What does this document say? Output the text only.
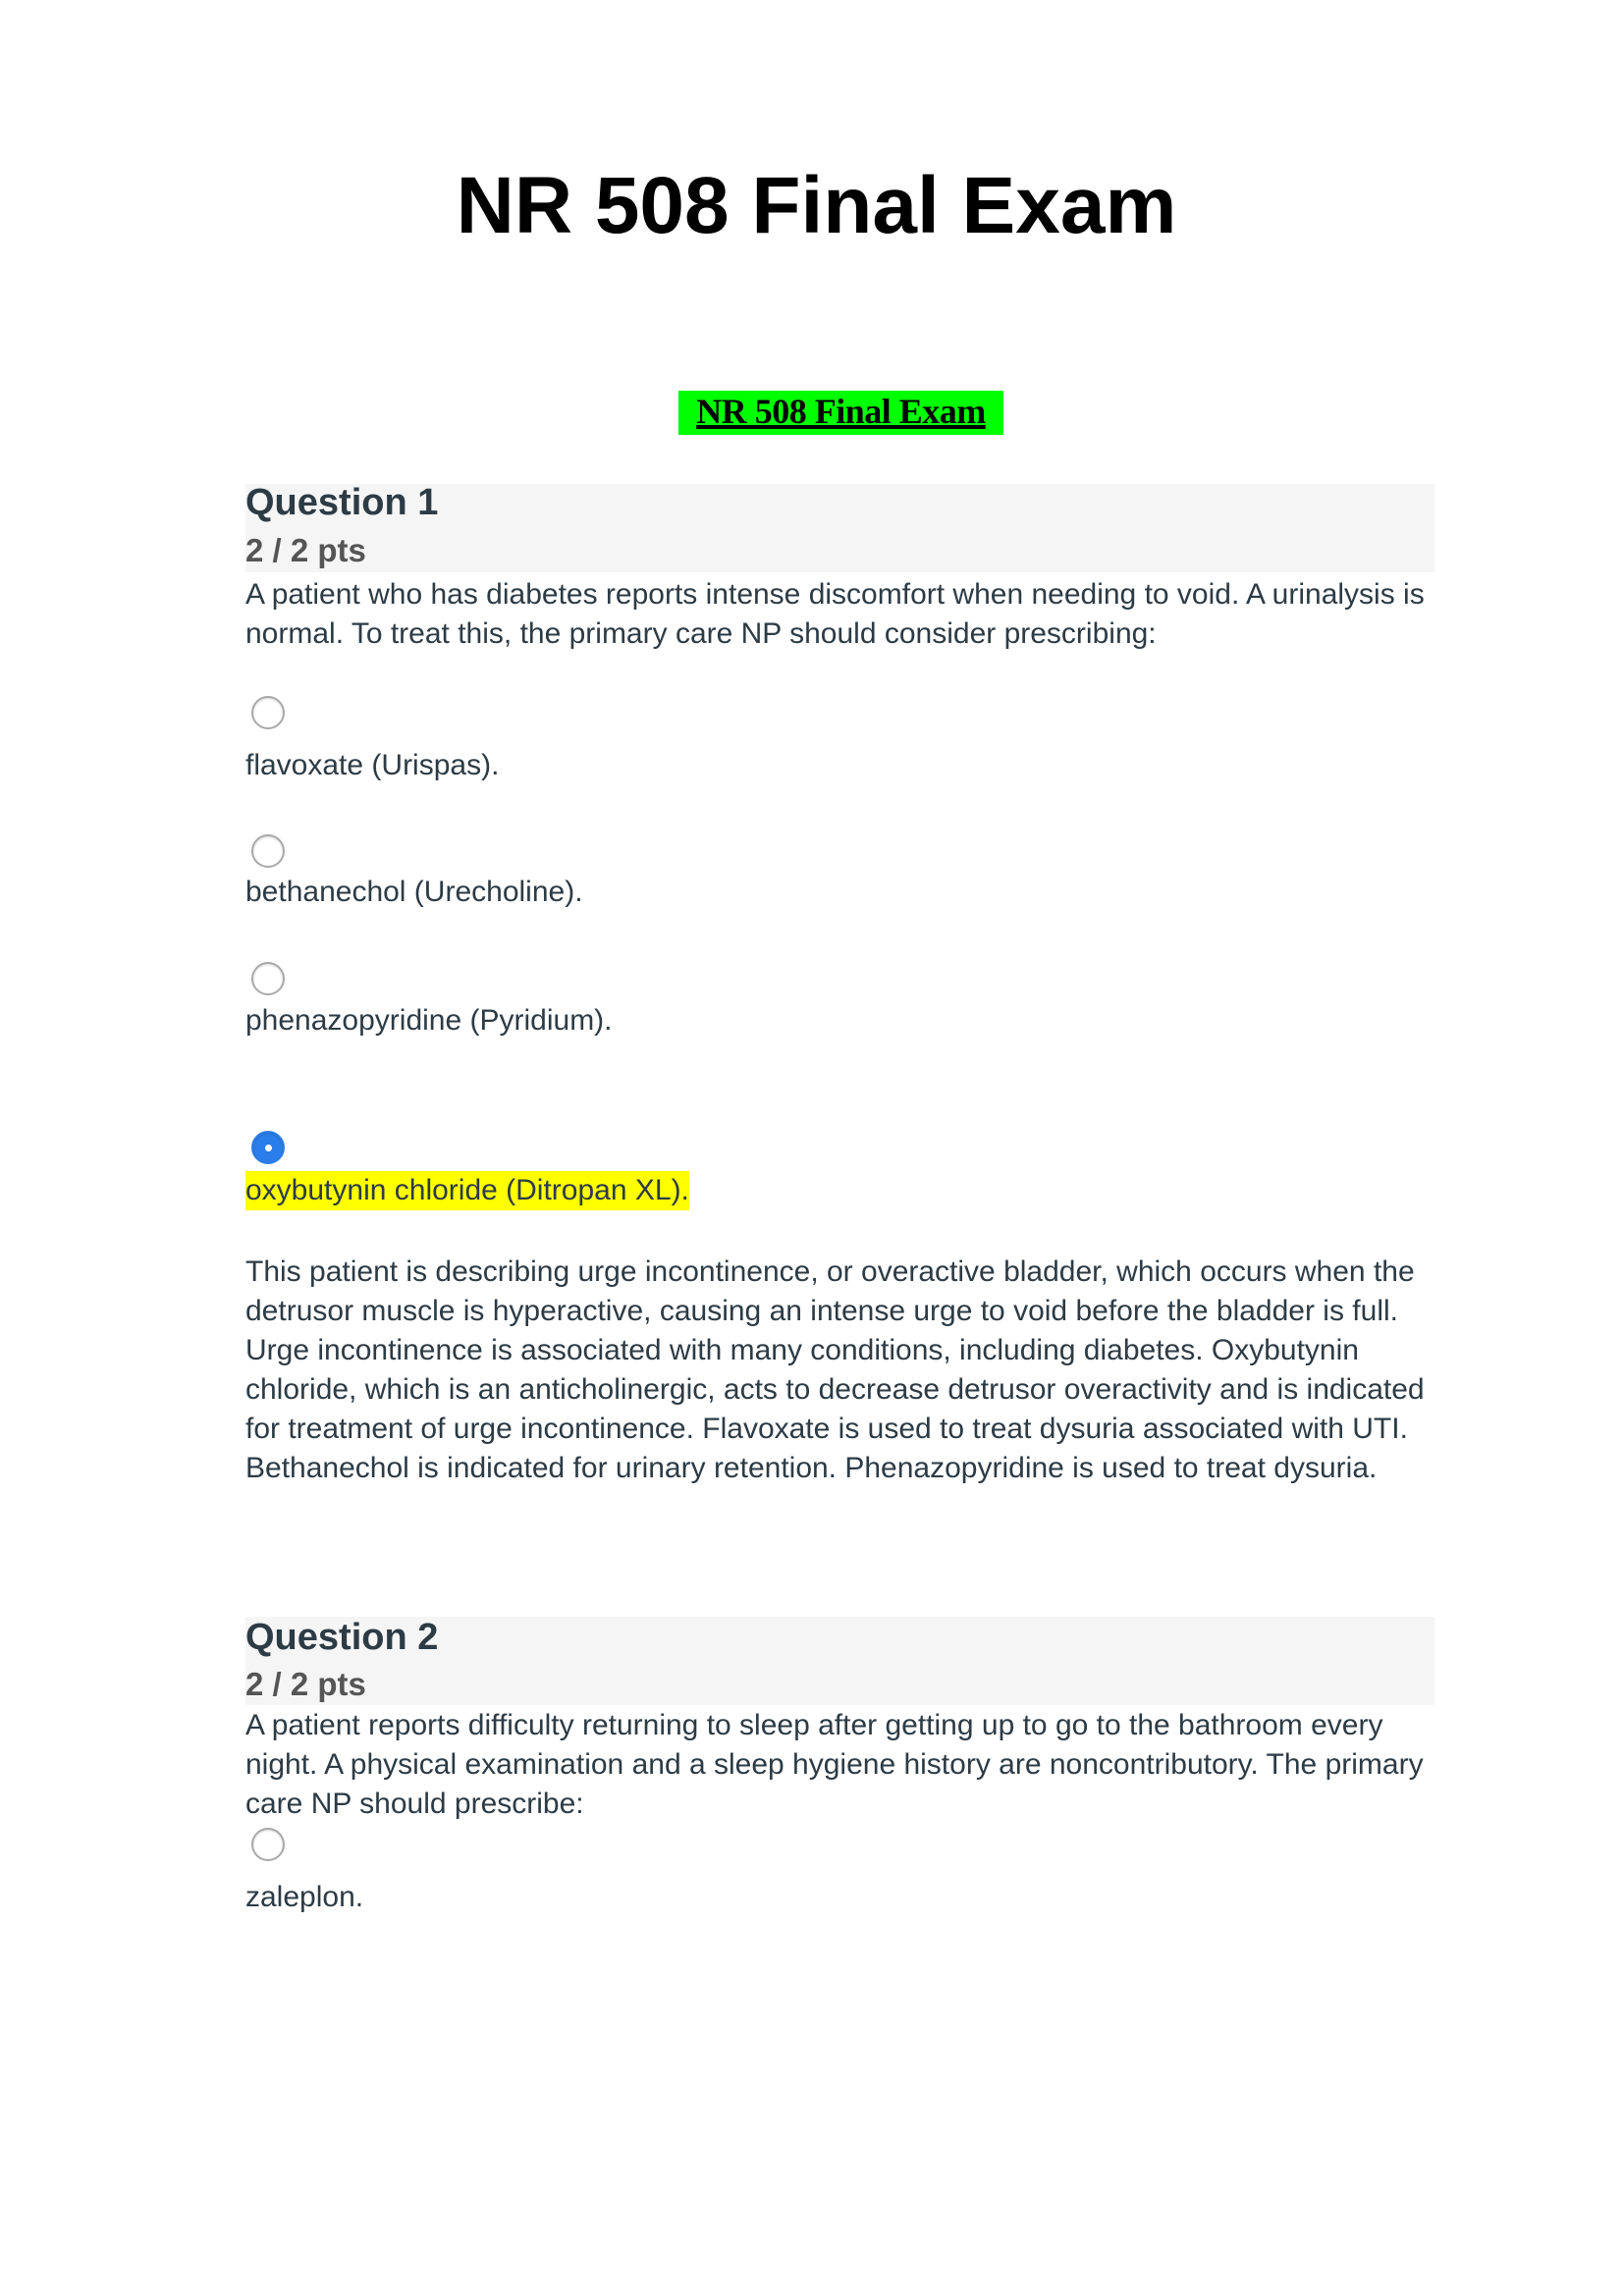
NR 508 Final Exam
NR 508 Final Exam
Question 1
2 / 2 pts
A patient who has diabetes reports intense discomfort when needing to void. A urinalysis is normal. To treat this, the primary care NP should consider prescribing:
flavoxate (Urispas).
bethanechol (Urecholine).
phenazopyridine (Pyridium).
oxybutynin chloride (Ditropan XL).
This patient is describing urge incontinence, or overactive bladder, which occurs when the detrusor muscle is hyperactive, causing an intense urge to void before the bladder is full. Urge incontinence is associated with many conditions, including diabetes. Oxybutynin chloride, which is an anticholinergic, acts to decrease detrusor overactivity and is indicated for treatment of urge incontinence. Flavoxate is used to treat dysuria associated with UTI. Bethanechol is indicated for urinary retention. Phenazopyridine is used to treat dysuria.
Question 2
2 / 2 pts
A patient reports difficulty returning to sleep after getting up to go to the bathroom every night. A physical examination and a sleep hygiene history are noncontributory. The primary care NP should prescribe:
zaleplon.
